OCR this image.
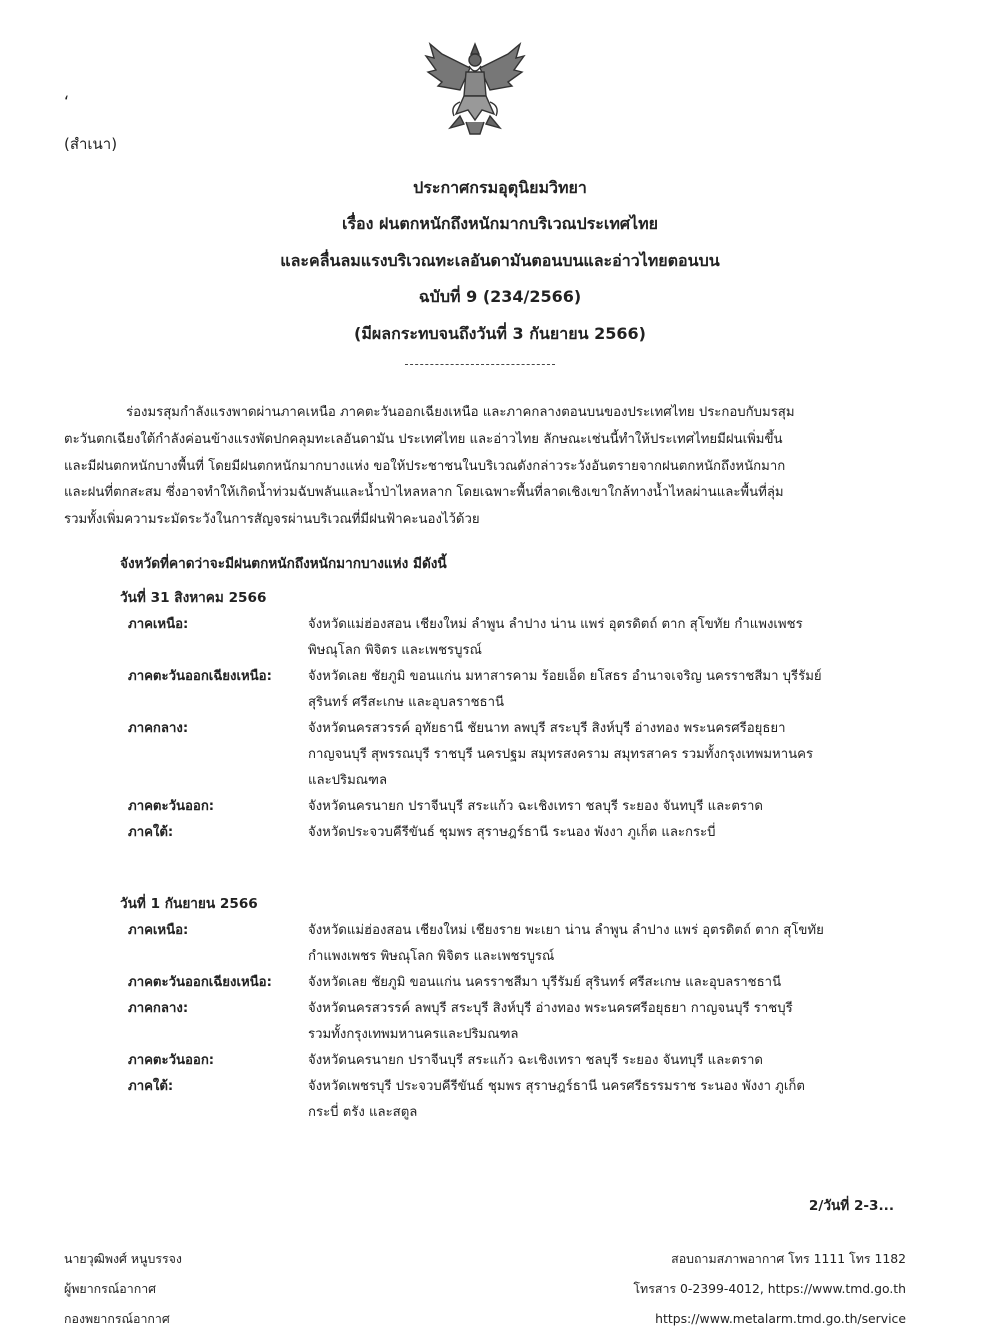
‘
(สำเนา)
ประกาศกรมอุตุนิยมวิทยา
เรื่อง ฝนตกหนักถึงหนักมากบริเวณประเทศไทย
และคลื่นลมแรงบริเวณทะเลอันดามันตอนบนและอ่าวไทยตอนบน
ฉบับที่ 9 (234/2566)
(มีผลกระทบจนถึงวันที่ 3 กันยายน 2566)
ร่องมรสุมกำลังแรงพาดผ่านภาคเหนือ ภาคตะวันออกเฉียงเหนือ และภาคกลางตอนบนของประเทศไทย ประกอบกับมรสุม
ตะวันตกเฉียงใต้กำลังค่อนข้างแรงพัดปกคลุมทะเลอันดามัน ประเทศไทย และอ่าวไทย ลักษณะเช่นนี้ทำให้ประเทศไทยมีฝนเพิ่มขึ้น
และมีฝนตกหนักบางพื้นที่ โดยมีฝนตกหนักมากบางแห่ง ขอให้ประชาชนในบริเวณดังกล่าวระวังอันตรายจากฝนตกหนักถึงหนักมาก
และฝนที่ตกสะสม ซึ่งอาจทำให้เกิดน้ำท่วมฉับพลันและน้ำป่าไหลหลาก โดยเฉพาะพื้นที่ลาดเชิงเขาใกล้ทางน้ำไหลผ่านและพื้นที่ลุ่ม
รวมทั้งเพิ่มความระมัดระวังในการสัญจรผ่านบริเวณที่มีฝนฟ้าคะนองไว้ด้วย
จังหวัดที่คาดว่าจะมีฝนตกหนักถึงหนักมากบางแห่ง มีดังนี้
วันที่ 31 สิงหาคม 2566
ภาคเหนือ:	จังหวัดแม่ฮ่องสอน เชียงใหม่ ลำพูน ลำปาง น่าน แพร่ อุตรดิตถ์ ตาก สุโขทัย กำแพงเพชร
พิษณุโลก พิจิตร และเพชรบูรณ์
ภาคตะวันออกเฉียงเหนือ:	จังหวัดเลย ชัยภูมิ ขอนแก่น มหาสารคาม ร้อยเอ็ด ยโสธร อำนาจเจริญ นครราชสีมา บุรีรัมย์
สุรินทร์ ศรีสะเกษ และอุบลราชธานี
ภาคกลาง:	จังหวัดนครสวรรค์ อุทัยธานี ชัยนาท ลพบุรี สระบุรี สิงห์บุรี อ่างทอง พระนครศรีอยุธยา
กาญจนบุรี สุพรรณบุรี ราชบุรี นครปฐม สมุทรสงคราม สมุทรสาคร รวมทั้งกรุงเทพมหานคร
และปริมณฑล
ภาคตะวันออก:	จังหวัดนครนายก ปราจีนบุรี สระแก้ว ฉะเชิงเทรา ชลบุรี ระยอง จันทบุรี และตราด
ภาคใต้:	จังหวัดประจวบคีรีขันธ์ ชุมพร สุราษฎร์ธานี ระนอง พังงา ภูเก็ต และกระบี่
วันที่ 1 กันยายน 2566
ภาคเหนือ:	จังหวัดแม่ฮ่องสอน เชียงใหม่ เชียงราย พะเยา น่าน ลำพูน ลำปาง แพร่ อุตรดิตถ์ ตาก สุโขทัย
กำแพงเพชร พิษณุโลก พิจิตร และเพชรบูรณ์
ภาคตะวันออกเฉียงเหนือ:	จังหวัดเลย ชัยภูมิ ขอนแก่น นครราชสีมา บุรีรัมย์ สุรินทร์ ศรีสะเกษ และอุบลราชธานี
ภาคกลาง:	จังหวัดนครสวรรค์ ลพบุรี สระบุรี สิงห์บุรี อ่างทอง พระนครศรีอยุธยา กาญจนบุรี ราชบุรี
รวมทั้งกรุงเทพมหานครและปริมณฑล
ภาคตะวันออก:	จังหวัดนครนายก ปราจีนบุรี สระแก้ว ฉะเชิงเทรา ชลบุรี ระยอง จันทบุรี และตราด
ภาคใต้:	จังหวัดเพชรบุรี ประจวบคีรีขันธ์ ชุมพร สุราษฎร์ธานี นครศรีธรรมราช ระนอง พังงา ภูเก็ต
กระบี่ ตรัง และสตูล
2/วันที่ 2-3...
นายวุฒิพงศ์ หนูบรรจง
ผู้พยากรณ์อากาศ
กองพยากรณ์อากาศ
สอบถามสภาพอากาศ โทร 1111 โทร 1182
โทรสาร 0-2399-4012, https://www.tmd.go.th
https://www.metalarm.tmd.go.th/service
